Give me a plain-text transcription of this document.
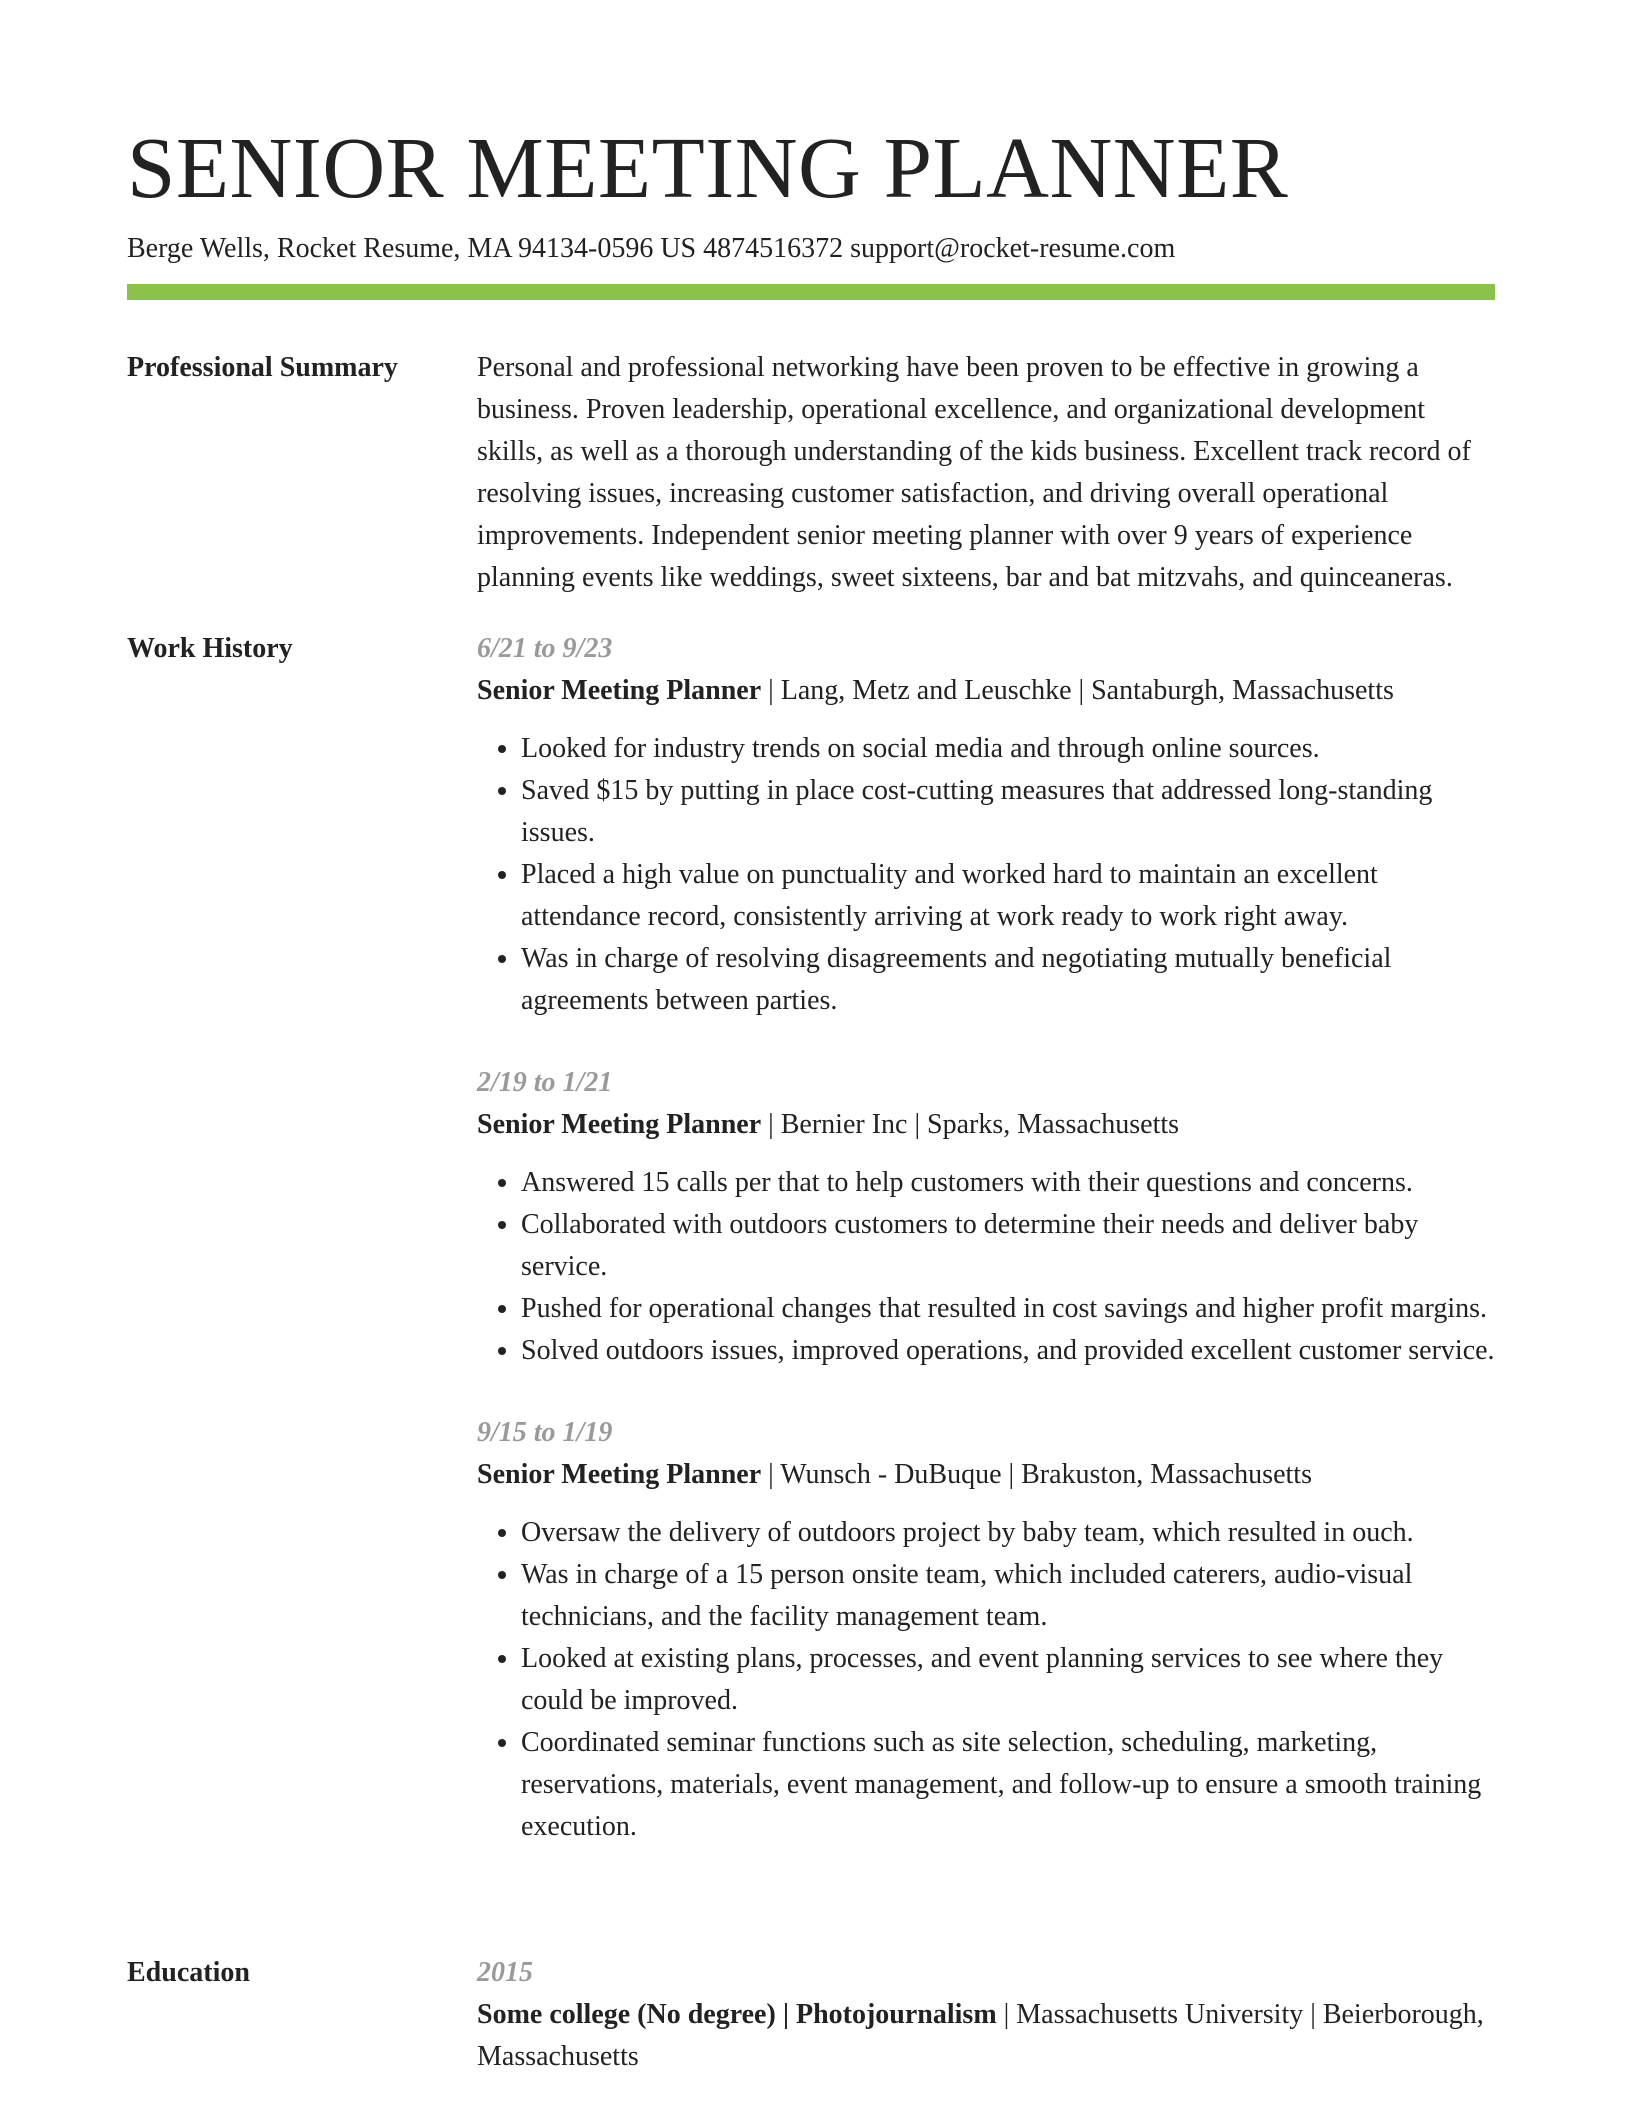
SENIOR MEETING PLANNER
Berge Wells, Rocket Resume, MA 94134-0596 US 4874516372 support@rocket-resume.com
Professional Summary	Personal and professional networking have been proven to be effective in growing a business. Proven leadership, operational excellence, and organizational development skills, as well as a thorough understanding of the kids business. Excellent track record of resolving issues, increasing customer satisfaction, and driving overall operational improvements. Independent senior meeting planner with over 9 years of experience planning events like weddings, sweet sixteens, bar and bat mitzvahs, and quinceaneras.

Work History	6/21 to 9/23

Senior Meeting Planner | Lang, Metz and Leuschke | Santaburgh, Massachusetts

• Looked for industry trends on social media and through online sources.
• Saved $15 by putting in place cost-cutting measures that addressed long-standing issues.
• Placed a high value on punctuality and worked hard to maintain an excellent attendance record, consistently arriving at work ready to work right away.
• Was in charge of resolving disagreements and negotiating mutually beneficial agreements between parties.

2/19 to 1/21

Senior Meeting Planner | Bernier Inc | Sparks, Massachusetts

• Answered 15 calls per that to help customers with their questions and concerns.
• Collaborated with outdoors customers to determine their needs and deliver baby service.
• Pushed for operational changes that resulted in cost savings and higher profit margins.
• Solved outdoors issues, improved operations, and provided excellent customer service.

9/15 to 1/19

Senior Meeting Planner | Wunsch - DuBuque | Brakuston, Massachusetts

• Oversaw the delivery of outdoors project by baby team, which resulted in ouch.
• Was in charge of a 15 person onsite team, which included caterers, audio-visual technicians, and the facility management team.
• Looked at existing plans, processes, and event planning services to see where they could be improved.
• Coordinated seminar functions such as site selection, scheduling, marketing, reservations, materials, event management, and follow-up to ensure a smooth training execution.
Education	2015

Some college (No degree) | Photojournalism | Massachusetts University | Beierborough, Massachusetts
